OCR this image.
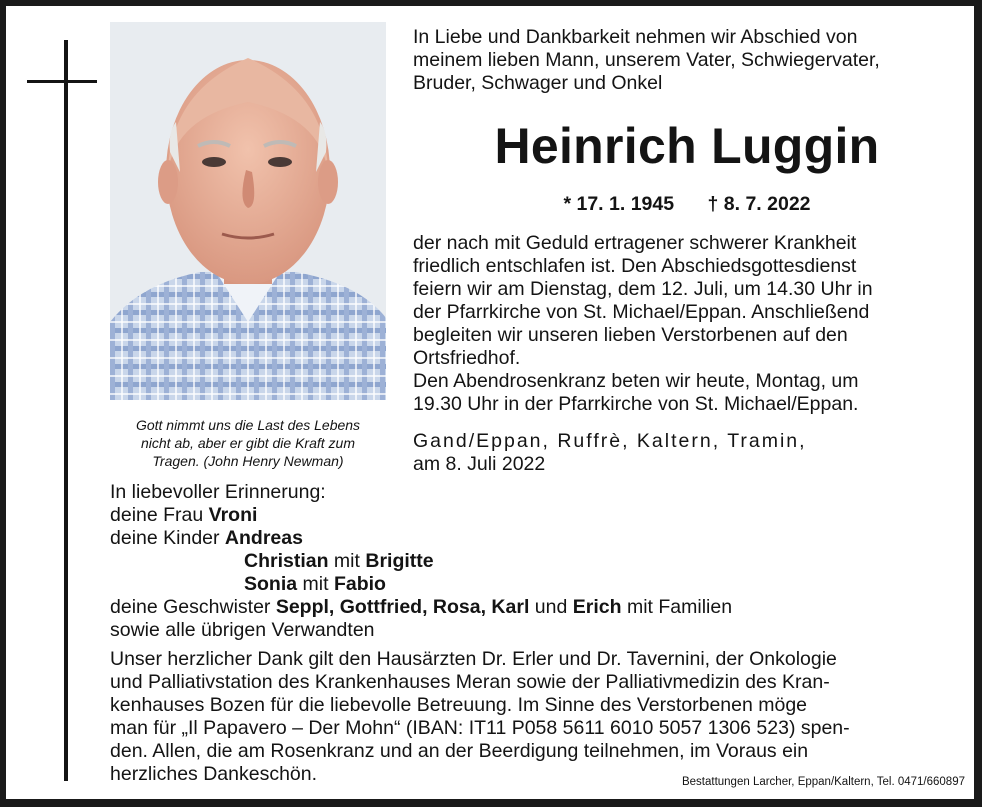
Gott nimmt uns die Last des Lebens
nicht ab, aber er gibt die Kraft zum
Tragen. (John Henry Newman)
In Liebe und Dankbarkeit nehmen wir Abschied von
meinem lieben Mann, unserem Vater, Schwiegervater,
Bruder, Schwager und Onkel
Heinrich Luggin
* 17. 1. 1945 † 8. 7. 2022
der nach mit Geduld ertragener schwerer Krankheit
friedlich entschlafen ist. Den Abschiedsgottesdienst
feiern wir am Dienstag, dem 12. Juli, um 14.30 Uhr in
der Pfarrkirche von St. Michael/Eppan. Anschließend
begleiten wir unseren lieben Verstorbenen auf den
Ortsfriedhof.
Den Abendrosenkranz beten wir heute, Montag, um
19.30 Uhr in der Pfarrkirche von St. Michael/Eppan.
Gand/Eppan, Ruffrè, Kaltern, Tramin,
am 8. Juli 2022
In liebevoller Erinnerung:
deine Frau Vroni
deine Kinder Andreas
Christian mit Brigitte
Sonia mit Fabio
deine Geschwister Seppl, Gottfried, Rosa, Karl und Erich mit Familien
sowie alle übrigen Verwandten
Unser herzlicher Dank gilt den Hausärzten Dr. Erler und Dr. Tavernini, der Onkologie
und Palliativstation des Krankenhauses Meran sowie der Palliativmedizin des Kran-
kenhauses Bozen für die liebevolle Betreuung. Im Sinne des Verstorbenen möge
man für „Il Papavero – Der Mohn“ (IBAN: IT11 P058 5611 6010 5057 1306 523) spen-
den. Allen, die am Rosenkranz und an der Beerdigung teilnehmen, im Voraus ein
herzliches Dankeschön.	Bestattungen Larcher, Eppan/Kaltern, Tel. 0471/660897
